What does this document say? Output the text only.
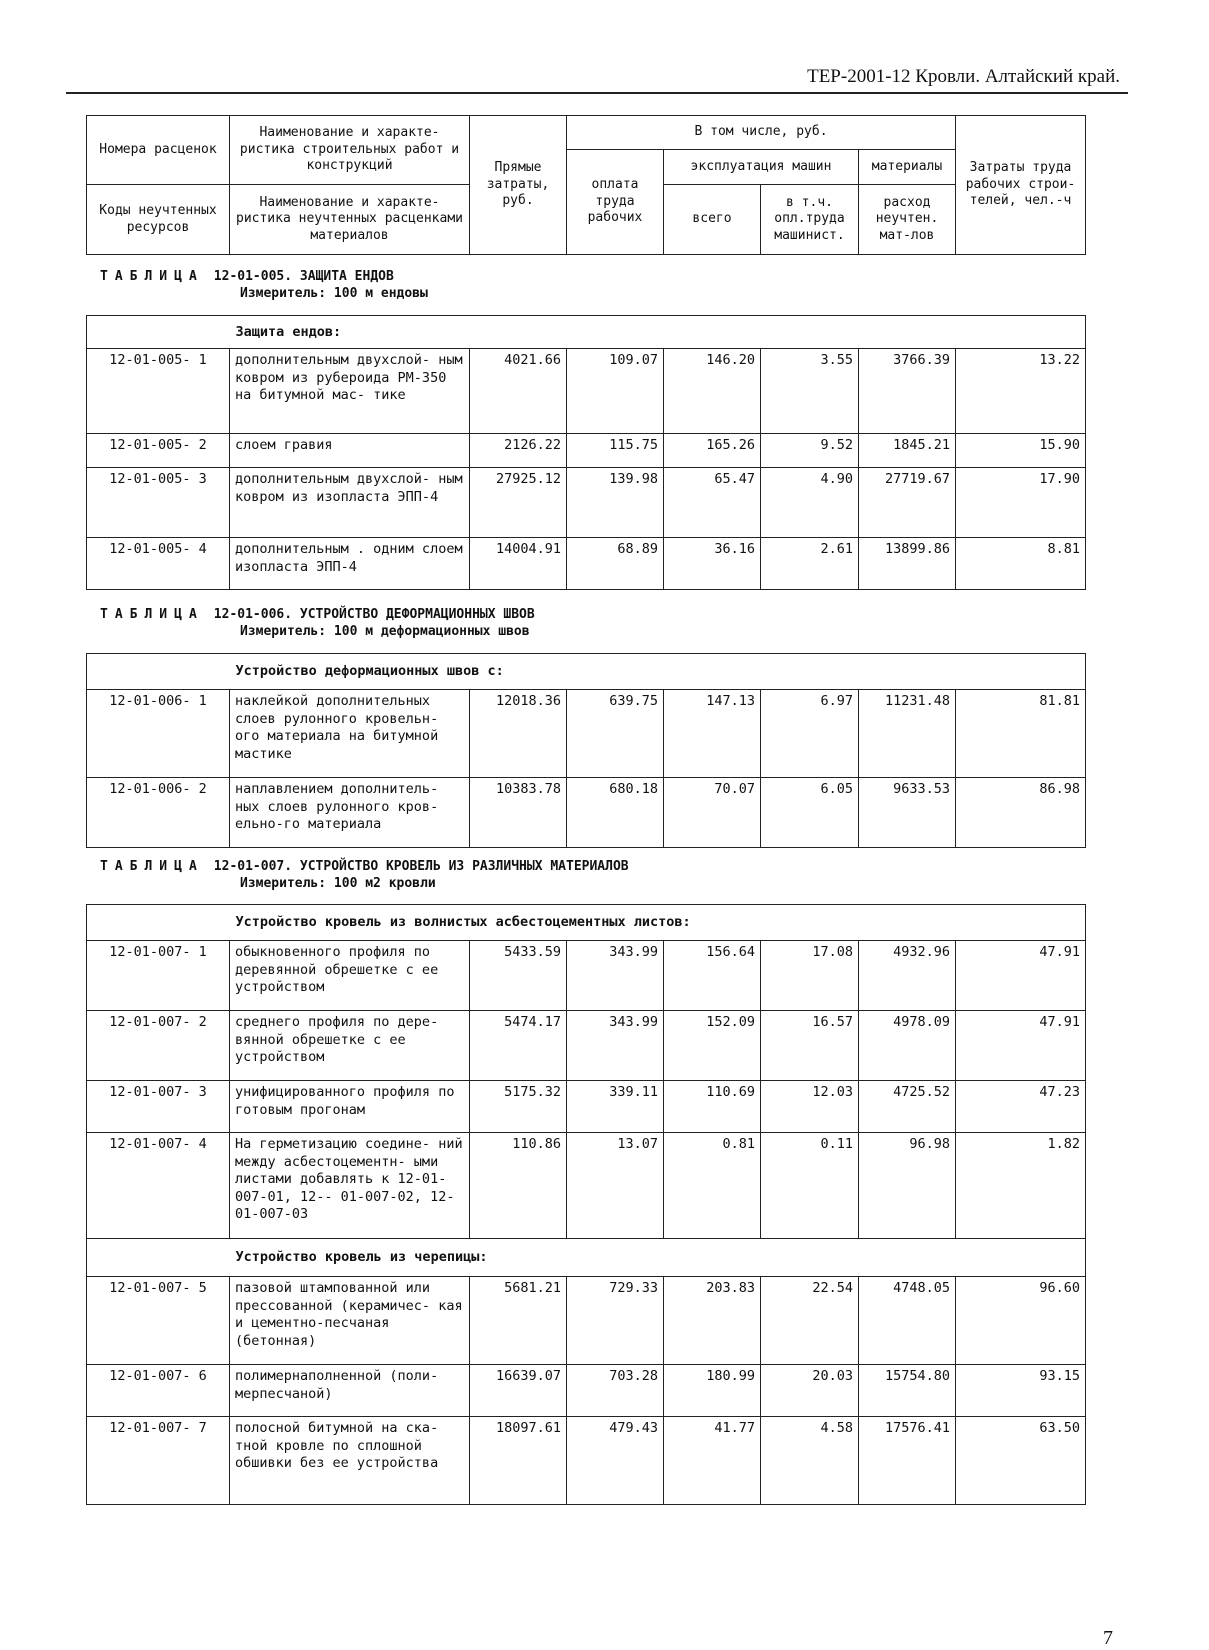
ТЕР-2001-12 Кровли. Алтайский край.
Номера расценок	Наименование и характе- ристика строительных работ и конструкций	Прямые затраты, руб.	В том числе, руб.				Затраты труда рабочих строи- телей, чел.-ч
			оплата труда рабочих	эксплуатация машин		материалы	
Коды неучтенных ресурсов	Наименование и характе- ристика неучтенных расценками материалов			всего	в т.ч. опл.труда машинист.	расход неучтен. мат-лов	
ТАБЛИЦА 12-01-005. ЗАЩИТА ЕНДОВ
Измеритель: 100 м ендовы
	Защита ендов:						
12-01-005- 1	дополнительным двухслой- ным ковром из рубероида РМ-350 на битумной мас- тике	4021.66	109.07	146.20	3.55	3766.39	13.22
12-01-005- 2	слоем гравия	2126.22	115.75	165.26	9.52	1845.21	15.90
12-01-005- 3	дополнительным двухслой- ным ковром из изопласта ЭПП-4	27925.12	139.98	65.47	4.90	27719.67	17.90
12-01-005- 4	дополнительным . одним слоем изопласта ЭПП-4	14004.91	68.89	36.16	2.61	13899.86	8.81
ТАБЛИЦА 12-01-006. УСТРОЙСТВО ДЕФОРМАЦИОННЫХ ШВОВ
Измеритель: 100 м деформационных швов
	Устройство деформационных швов с:						
12-01-006- 1	наклейкой дополнительных слоев рулонного кровельн- ого материала на битумной мастике	12018.36	639.75	147.13	6.97	11231.48	81.81
12-01-006- 2	наплавлением дополнитель- ных слоев рулонного кров- ельно-го материала	10383.78	680.18	70.07	6.05	9633.53	86.98
ТАБЛИЦА 12-01-007. УСТРОЙСТВО КРОВЕЛЬ ИЗ РАЗЛИЧНЫХ МАТЕРИАЛОВ
Измеритель: 100 м2 кровли
	Устройство кровель из волнистых асбестоцементных листов:						
12-01-007- 1	обыкновенного профиля по деревянной обрешетке с ее устройством	5433.59	343.99	156.64	17.08	4932.96	47.91
12-01-007- 2	среднего профиля по дере- вянной обрешетке с ее устройством	5474.17	343.99	152.09	16.57	4978.09	47.91
12-01-007- 3	унифицированного профиля по готовым прогонам	5175.32	339.11	110.69	12.03	4725.52	47.23
12-01-007- 4	На герметизацию соедине- ний между асбестоцементн- ыми листами добавлять к 12-01-007-01, 12-- 01-007-02, 12-01-007-03	110.86	13.07	0.81	0.11	96.98	1.82
	Устройство кровель из черепицы:						
12-01-007- 5	пазовой штампованной или прессованной (керамичес- кая и цементно-песчаная (бетонная)	5681.21	729.33	203.83	22.54	4748.05	96.60
12-01-007- 6	полимернаполненной (поли- мерпесчаной)	16639.07	703.28	180.99	20.03	15754.80	93.15
12-01-007- 7	полосной битумной на ска- тной кровле по сплошной обшивки без ее устройства	18097.61	479.43	41.77	4.58	17576.41	63.50
7
